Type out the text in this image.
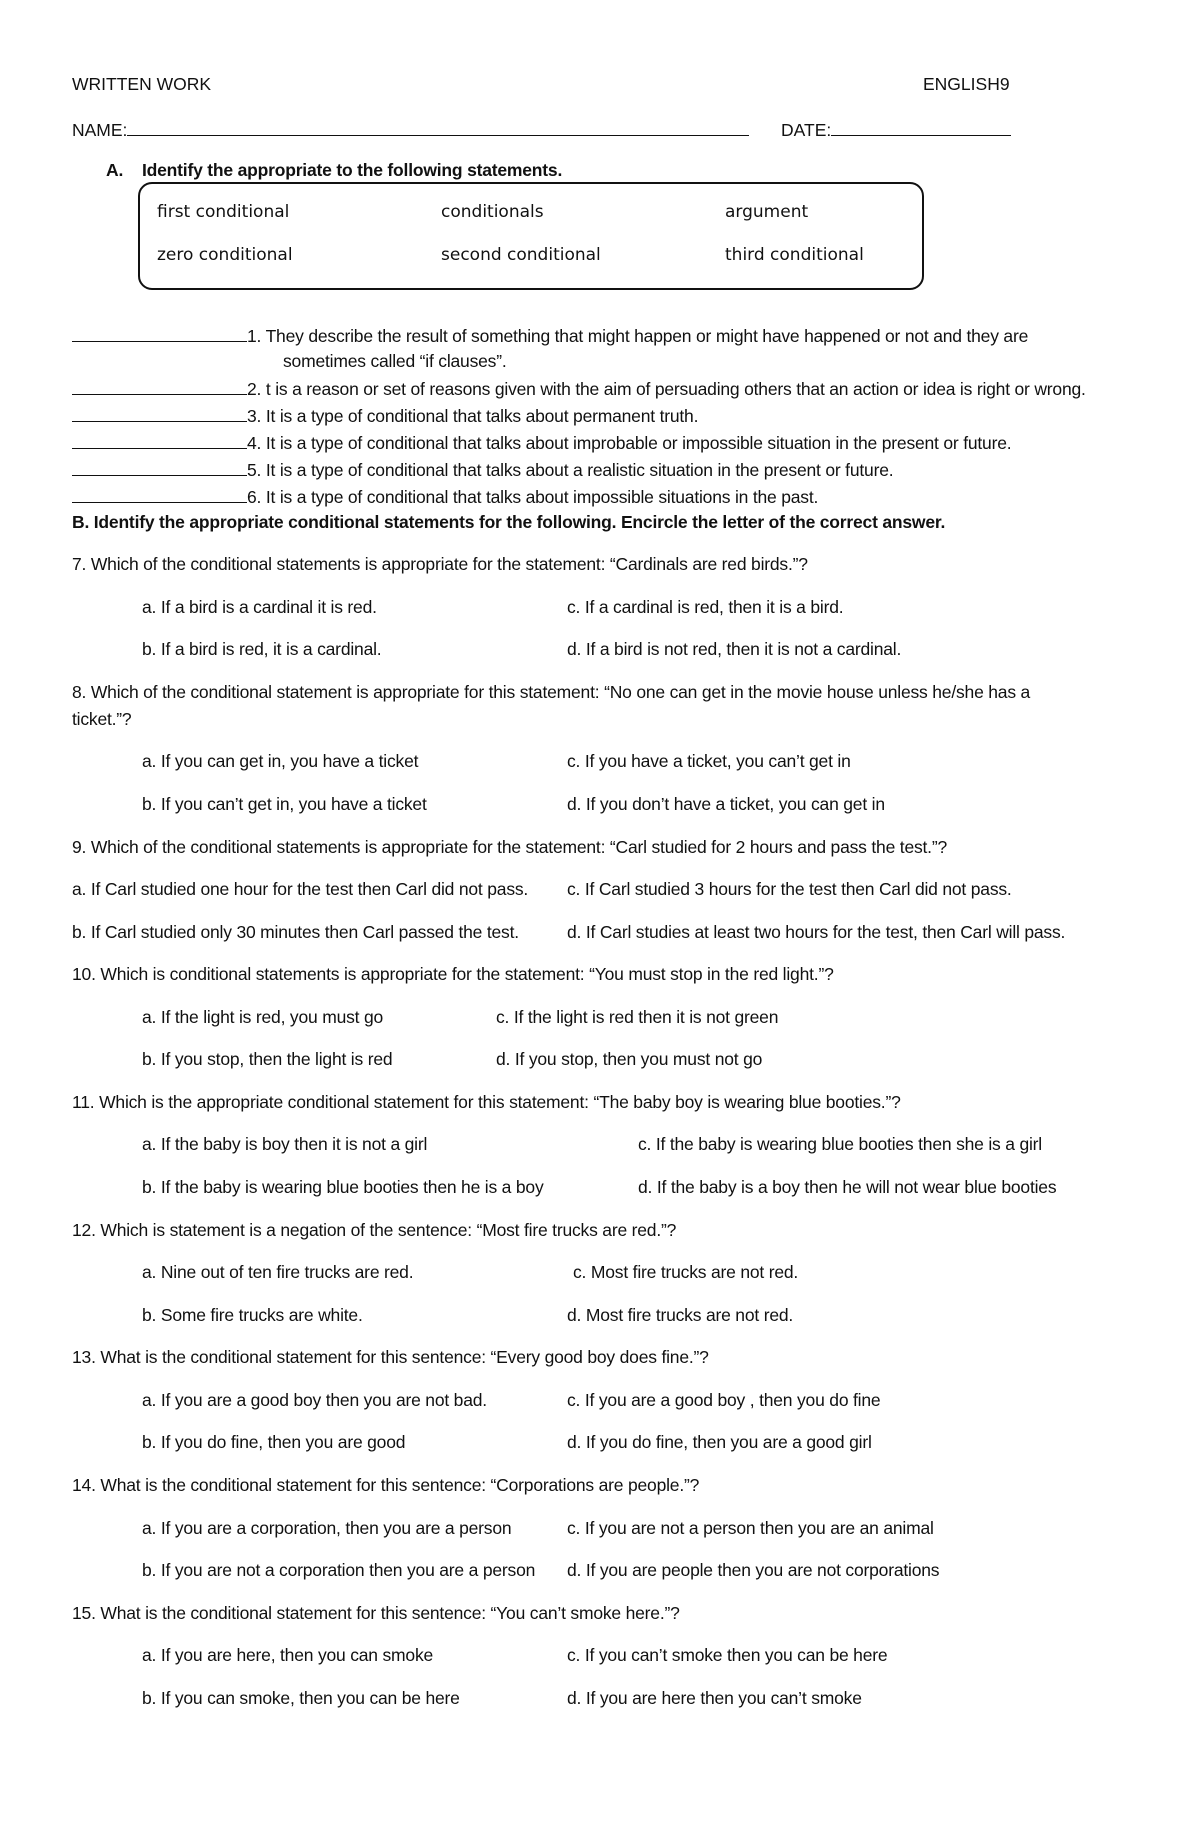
WRITTEN WORK	ENGLISH9
NAME:	DATE:
A. Identify the appropriate to the following statements.
first conditional	conditionals	argument
zero conditional	second conditional	third conditional
1. They describe the result of something that might happen or might have happened or not and they are
sometimes called “if clauses”.
2. t is a reason or set of reasons given with the aim of persuading others that an action or idea is right or wrong.
3. It is a type of conditional that talks about permanent truth.
4. It is a type of conditional that talks about improbable or impossible situation in the present or future.
5. It is a type of conditional that talks about a realistic situation in the present or future.
6. It is a type of conditional that talks about impossible situations in the past.
B. Identify the appropriate conditional statements for the following. Encircle the letter of the correct answer.
7. Which of the conditional statements is appropriate for the statement: “Cardinals are red birds.”?
a. If a bird is a cardinal it is red.	c. If a cardinal is red, then it is a bird.
b. If a bird is red, it is a cardinal.	d. If a bird is not red, then it is not a cardinal.
8. Which of the conditional statement is appropriate for this statement: “No one can get in the movie house unless he/she has a
ticket.”?
a. If you can get in, you have a ticket	c. If you have a ticket, you can’t get in
b. If you can’t get in, you have a ticket	d. If you don’t have a ticket, you can get in
9. Which of the conditional statements is appropriate for the statement: “Carl studied for 2 hours and pass the test.”?
a. If Carl studied one hour for the test then Carl did not pass. c. If Carl studied 3 hours for the test then Carl did not pass.
b. If Carl studied only 30 minutes then Carl passed the test.	d. If Carl studies at least two hours for the test, then Carl will pass.
10. Which is conditional statements is appropriate for the statement: “You must stop in the red light.”?
a. If the light is red, you must go	c. If the light is red then it is not green
b. If you stop, then the light is red	d. If you stop, then you must not go
11. Which is the appropriate conditional statement for this statement: “The baby boy is wearing blue booties.”?
a. If the baby is boy then it is not a girl	c. If the baby is wearing blue booties then she is a girl
b. If the baby is wearing blue booties then he is a boy	d. If the baby is a boy then he will not wear blue booties
12. Which is statement is a negation of the sentence: “Most fire trucks are red.”?
a. Nine out of ten fire trucks are red.	c. Most fire trucks are not red.
b. Some fire trucks are white.	d. Most fire trucks are not red.
13. What is the conditional statement for this sentence: “Every good boy does fine.”?
a. If you are a good boy then you are not bad.	c. If you are a good boy , then you do fine
b. If you do fine, then you are good	d. If you do fine, then you are a good girl
14. What is the conditional statement for this sentence: “Corporations are people.”?
a. If you are a corporation, then you are a person	c. If you are not a person then you are an animal
b. If you are not a corporation then you are a person d. If you are people then you are not corporations
15. What is the conditional statement for this sentence: “You can’t smoke here.”?
a. If you are here, then you can smoke	c. If you can’t smoke then you can be here
b. If you can smoke, then you can be here	d. If you are here then you can’t smoke
